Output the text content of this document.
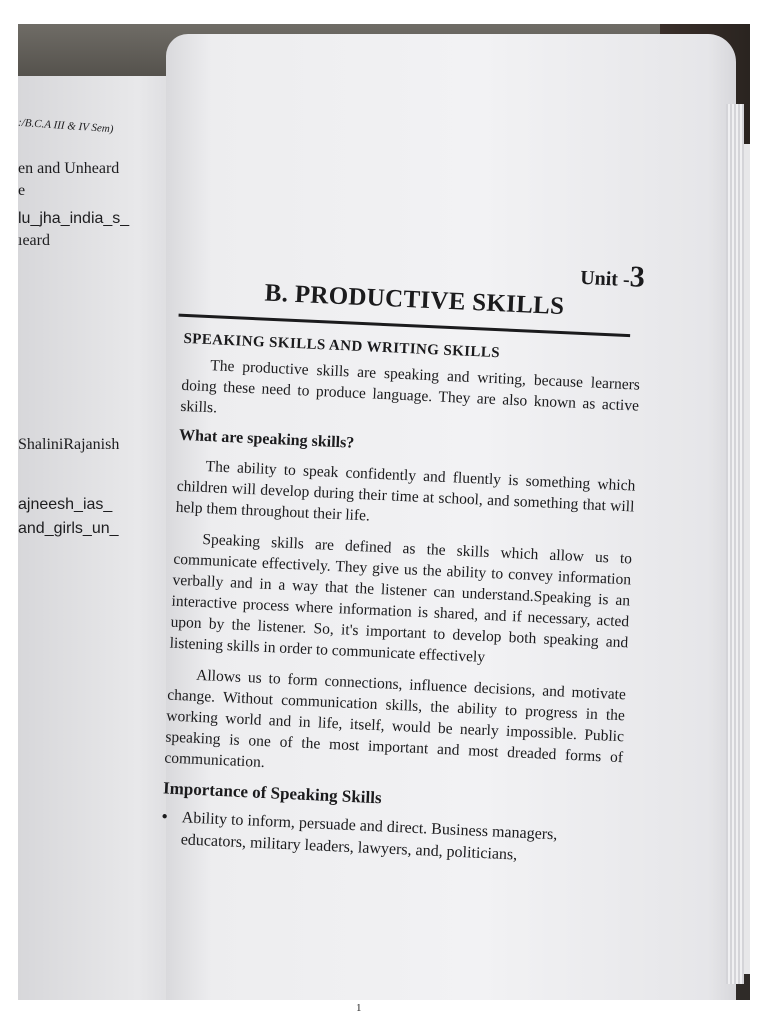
:/B.C.A III & IV Sem)
en and Unheard
e
lu_jha_india_s_
ıeard
ShaliniRajanish
ajneesh_ias_
and_girls_un_
Unit -3
B. PRODUCTIVE SKILLS
SPEAKING SKILLS AND WRITING SKILLS
The productive skills are speaking and writing, because learners doing these need to produce language. They are also known as active skills.
What are speaking skills?
The ability to speak confidently and fluently is something which children will develop during their time at school, and something that will help them throughout their life.
Speaking skills are defined as the skills which allow us to communicate effectively. They give us the ability to convey information verbally and in a way that the listener can understand.Speaking is an interactive process where information is shared, and if necessary, acted upon by the listener. So, it's important to develop both speaking and listening skills in order to communicate effectively
Allows us to form connections, influence decisions, and motivate change. Without communication skills, the ability to progress in the working world and in life, itself, would be nearly impossible. Public speaking is one of the most important and most dreaded forms of communication.
Importance of Speaking Skills
• Ability to inform, persuade and direct. Business managers, educators, military leaders, lawyers, and, politicians,
1
